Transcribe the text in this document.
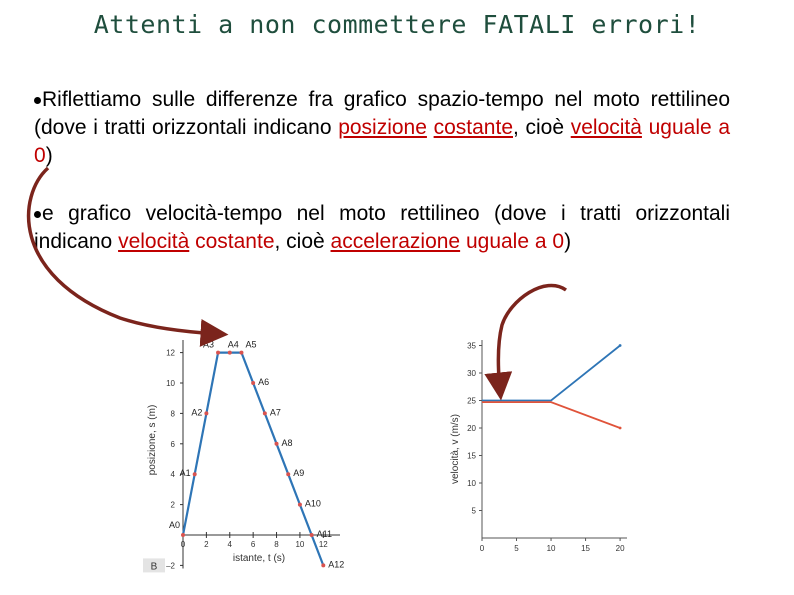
Attenti a non commettere FATALI errori!
Riflettiamo sulle differenze fra grafico spazio-tempo nel moto rettilineo (dove i tratti orizzontali indicano posizione costante, cioè velocità uguale a 0)
e grafico velocità-tempo nel moto rettilineo (dove i tratti orizzontali indicano velocità costante, cioè accelerazione uguale a 0)
0 2 4 6 8 10 12
–2
2
4
6
8
10
12
A0
A1
A2
A3 A4 A5
A6
A7
A8
A9
A10
A11
A12
istante, t (s)
posizione, s (m)
B
0	5	10	15	20
5
10
15
20
25
30
35
velocità, v (m/s)
